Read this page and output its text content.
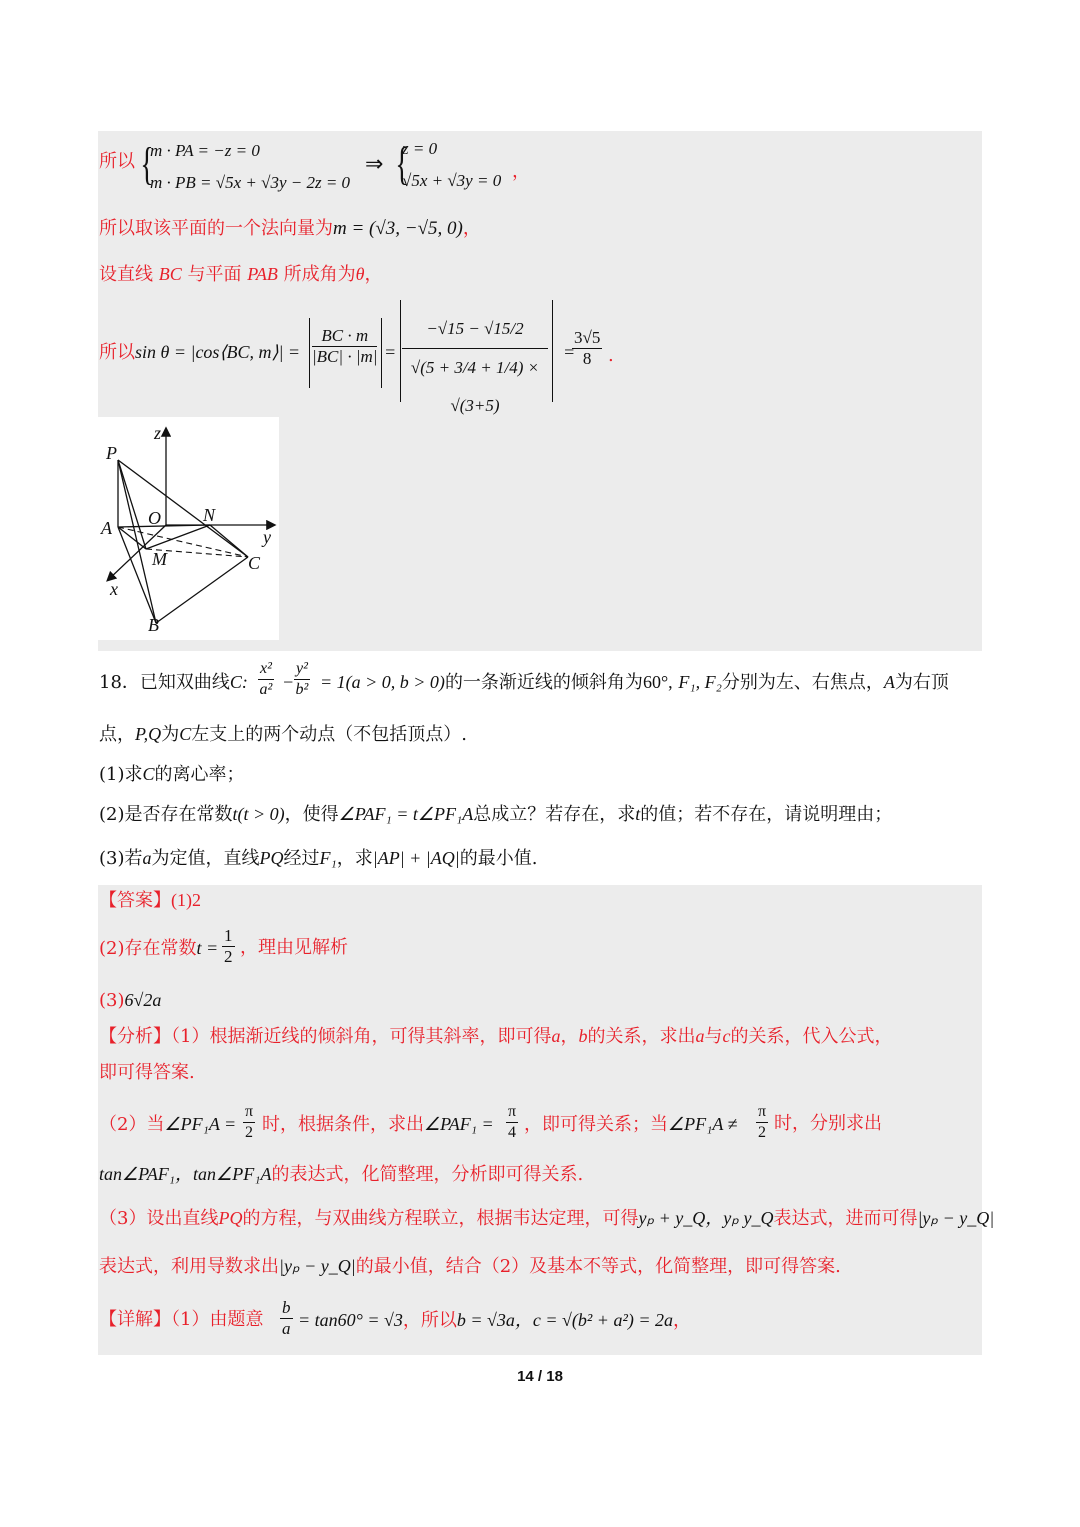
所以 {
m · PA = −z = 0
m · PB = √5x + √3y − 2z = 0
⇒ {
z = 0
√5x + √3y = 0 ，
所以取该平面的一个法向量为m = (√3, −√5, 0)，
设直线 BC 与平面 PAB 所成角为θ，
所以sin θ = |cos⟨BC, m⟩| = $\frac{BC \cdot m}{|BC| \cdot |m|} = \frac{-√15 - √15/2}{√(5 + 3/4 + 1/4) \times √(3+5)}$ =
$\frac{3√5}{8}$ .
P
z
O N
A	y
M	C
x
B
18．已知双曲线C: $\frac{\text{x²}}{\text{a²}} - \frac{\text{y²}}{\text{b²}} = 1(a > 0$, b > 0)的一条渐近线的倾斜角为60°, F₁, F₂分别为左、右焦点，A为右顶
点，P,Q为C左支上的两个动点（不包括顶点）.
(1)求C的离心率；
(2)是否存在常数t(t > 0)，使得∠PAF₁ = t∠PF₁A总成立？若存在，求t的值；若不存在，请说明理由；
(3)若a为定值，直线PQ经过F₁，求|AP| + |AQ|的最小值.
【答案】(1)2
(2)存在常数$t = \frac{1}{2}$ ，理由见解析
(3)6√2a
【分析】（1）根据渐近线的倾斜角，可得其斜率，即可得a，b的关系，求出a与c的关系，代入公式，
即可得答案.
（2）当∠PF₁A = $\frac{\pi}{2}$ 时，根据条件，求出∠PAF₁ = $\frac{\pi}{4}$ ，即可得关系；当∠PF₁A ≠ $\frac{\pi}{2}$ 时，分别求出
tan∠PAF₁，tan∠PF₁A的表达式，化简整理，分析即可得关系.
（3）设出直线PQ的方程，与双曲线方程联立，根据韦达定理，可得yₚ + y_Q，yₚ y_Q表达式，进而可得|yₚ − y_Q|
表达式，利用导数求出|yₚ − y_Q|的最小值，结合（2）及基本不等式，化简整理，即可得答案.
【详解】（1）由题意 $\frac{b}{a} = \tan 60^\circ = √3$，所以b = √3a，c = √(b² + a²) = 2a，
14 / 18
